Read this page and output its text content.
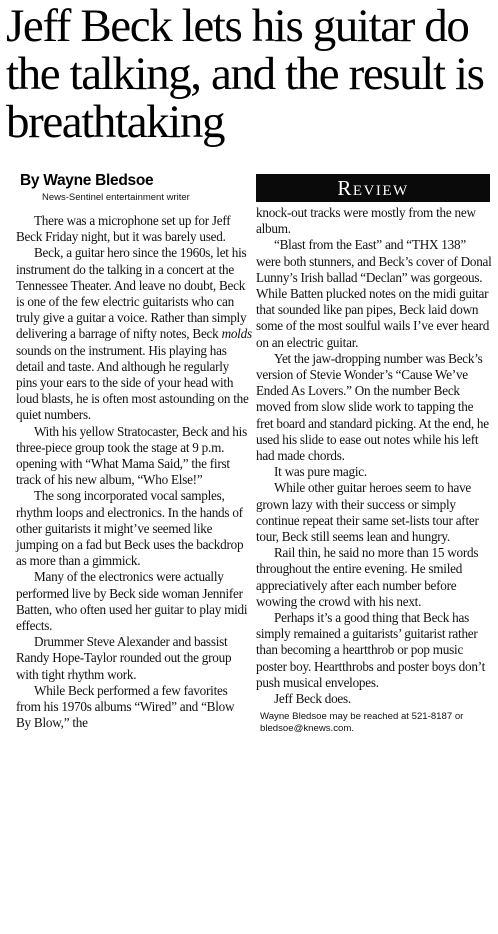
Jeff Beck lets his guitar do the talking, and the result is breathtaking
By Wayne Bledsoe
News-Sentinel entertainment writer	Review

There was a microphone set up for Jeff Beck Friday night, but it was barely used.

Beck, a guitar hero since the 1960s, let his instrument do the talking in a concert at the Tennessee Theater. And leave no doubt, Beck is one of the few electric guitarists who can truly give a guitar a voice. Rather than simply delivering a barrage of nifty notes, Beck molds sounds on the instrument. His playing has detail and taste. And although he regularly pins your ears to the side of your head with loud blasts, he is often most astounding on the quiet numbers.

With his yellow Stratocaster, Beck and his three-piece group took the stage at 9 p.m. opening with “What Mama Said,” the first track of his new album, “Who Else!”

The song incorporated vocal samples, rhythm loops and electronics. In the hands of other guitarists it might’ve seemed like jumping on a fad but Beck uses the backdrop as more than a gimmick.

Many of the electronics were actually performed live by Beck side woman Jennifer Batten, who often used her guitar to play midi effects.

Drummer Steve Alexander and bassist Randy Hope-Taylor rounded out the group with tight rhythm work.

While Beck performed a few favorites from his 1970s albums “Wired” and “Blow By Blow,” the

knock-out tracks were mostly from the new album.

“Blast from the East” and “THX 138” were both stunners, and Beck’s cover of Donal Lunny’s Irish ballad “Declan” was gorgeous. While Batten plucked notes on the midi guitar that sounded like pan pipes, Beck laid down some of the most soulful wails I’ve ever heard on an electric guitar.

Yet the jaw-dropping number was Beck’s version of Stevie Wonder’s “Cause We’ve Ended As Lovers.” On the number Beck moved from slow slide work to tapping the fret board and standard picking. At the end, he used his slide to ease out notes while his left had made chords.

It was pure magic.

While other guitar heroes seem to have grown lazy with their success or simply continue repeat their same set-lists tour after tour, Beck still seems lean and hungry.

Rail thin, he said no more than 15 words throughout the entire evening. He smiled appreciatively after each number before wowing the crowd with his next.

Perhaps it’s a good thing that Beck has simply remained a guitarists’ guitarist rather than becoming a heartthrob or pop music poster boy. Heartthrobs and poster boys don’t push musical envelopes.

Jeff Beck does.

Wayne Bledsoe may be reached at 521-8187 or bledsoe@knews.com.
